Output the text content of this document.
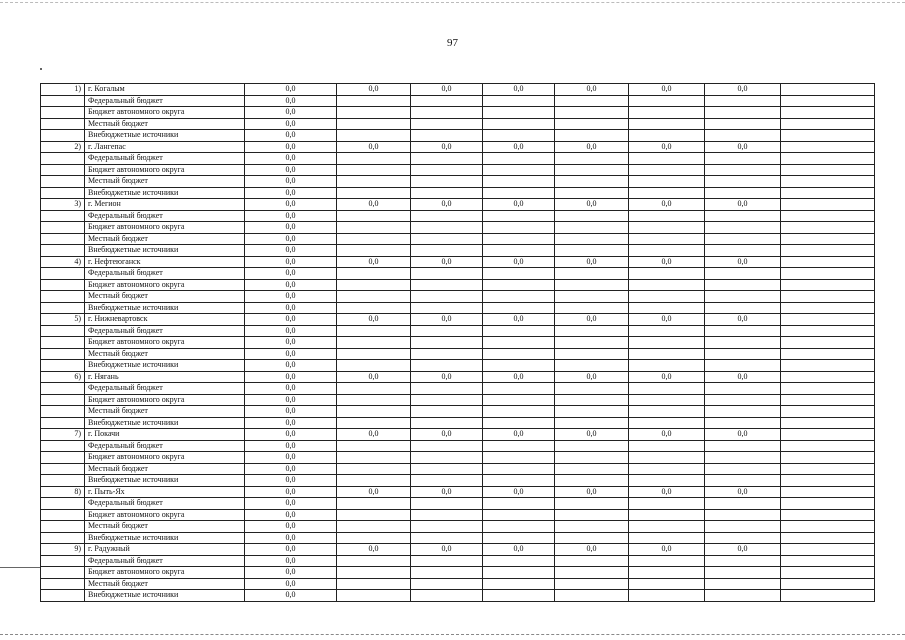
97
1)	г. Когалым	0,0	0,0	0,0	0,0	0,0	0,0	0,0	
	Федеральный бюджет	0,0							
	Бюджет автономного округа	0,0							
	Местный бюджет	0,0							
	Внебюджетные источники	0,0							
2)	г. Лангепас	0,0	0,0	0,0	0,0	0,0	0,0	0,0	
	Федеральный бюджет	0,0							
	Бюджет автономного округа	0,0							
	Местный бюджет	0,0							
	Внебюджетные источники	0,0							
3)	г. Мегион	0,0	0,0	0,0	0,0	0,0	0,0	0,0	
	Федеральный бюджет	0,0							
	Бюджет автономного округа	0,0							
	Местный бюджет	0,0							
	Внебюджетные источники	0,0							
4)	г. Нефтеюганск	0,0	0,0	0,0	0,0	0,0	0,0	0,0	
	Федеральный бюджет	0,0							
	Бюджет автономного округа	0,0							
	Местный бюджет	0,0							
	Внебюджетные источники	0,0							
5)	г. Нижневартовск	0,0	0,0	0,0	0,0	0,0	0,0	0,0	
	Федеральный бюджет	0,0							
	Бюджет автономного округа	0,0							
	Местный бюджет	0,0							
	Внебюджетные источники	0,0							
6)	г. Нягань	0,0	0,0	0,0	0,0	0,0	0,0	0,0	
	Федеральный бюджет	0,0							
	Бюджет автономного округа	0,0							
	Местный бюджет	0,0							
	Внебюджетные источники	0,0							
7)	г. Покачи	0,0	0,0	0,0	0,0	0,0	0,0	0,0	
	Федеральный бюджет	0,0							
	Бюджет автономного округа	0,0							
	Местный бюджет	0,0							
	Внебюджетные источники	0,0							
8)	г. Пыть-Ях	0,0	0,0	0,0	0,0	0,0	0,0	0,0	
	Федеральный бюджет	0,0							
	Бюджет автономного округа	0,0							
	Местный бюджет	0,0							
	Внебюджетные источники	0,0							
9)	г. Радужный	0,0	0,0	0,0	0,0	0,0	0,0	0,0	
	Федеральный бюджет	0,0							
	Бюджет автономного округа	0,0							
	Местный бюджет	0,0							
	Внебюджетные источники	0,0							
